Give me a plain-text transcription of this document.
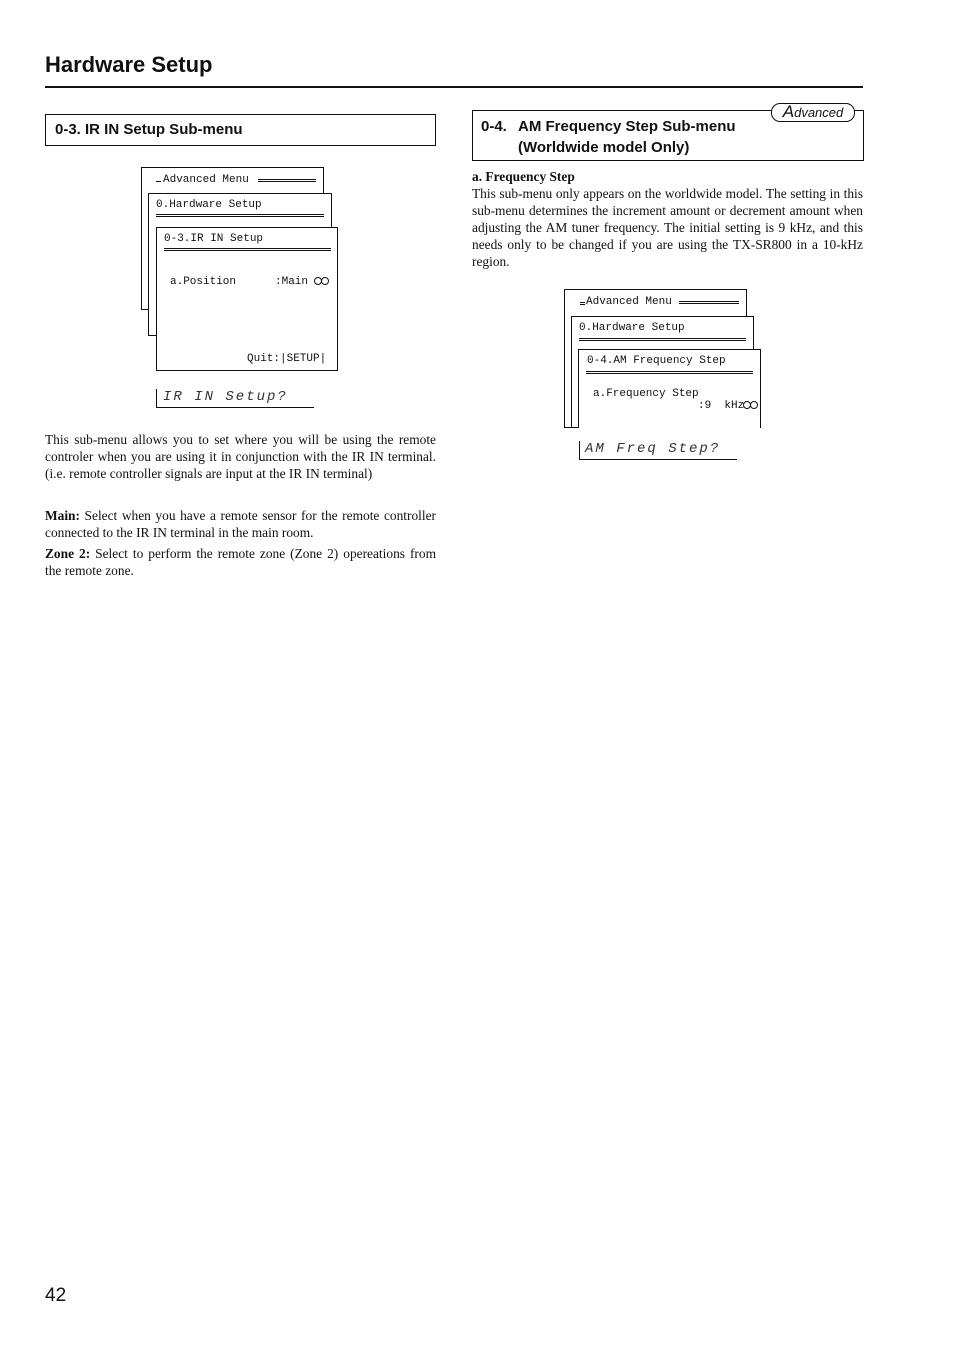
Hardware Setup
0-3. IR IN Setup Sub-menu
Advanced Menu
0.Hardware Setup
0-3.IR IN Setup
a.Position	:Main
Quit:|SETUP|
IR IN Setup?
This sub-menu allows you to set where you will be using the remote controler when you are using it in conjunction with the IR IN terminal. (i.e. remote controller signals are input at the IR IN terminal)
Main: Select when you have a remote sensor for the remote controller connected to the IR IN terminal in the main room.
Zone 2: Select to perform the remote zone (Zone 2) opereations from the remote zone.
0-4. AM Frequency Step Sub-menu
(Worldwide model Only)
Advanced
a. Frequency Step
This sub-menu only appears on the worldwide model. The setting in this sub-menu determines the increment amount or decrement amount when adjusting the AM tuner frequency. The initial setting is 9 kHz, and this needs only to be changed if you are using the TX-SR800 in a 10-kHz region.
Advanced Menu
0.Hardware Setup
0-4.AM Frequency Step
a.Frequency Step
:9  kHz
AM Freq Step?
42
